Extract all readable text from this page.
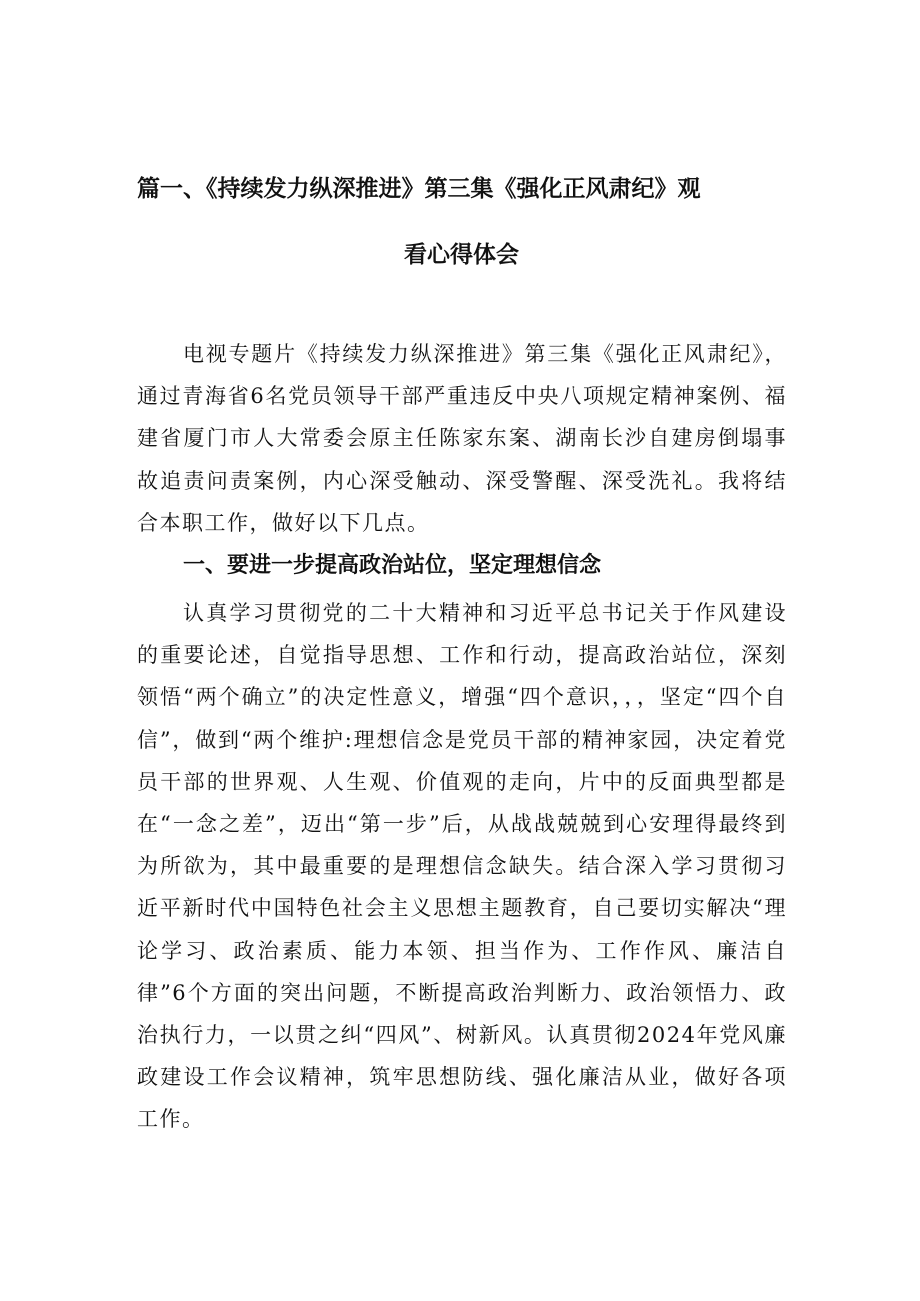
篇一、《持续发力纵深推进》第三集《强化正风肃纪》观
看心得体会
电视专题片《持续发力纵深推进》第三集《强化正风肃纪》，通过青海省6名党员领导干部严重违反中央八项规定精神案例、福建省厦门市人大常委会原主任陈家东案、湖南长沙自建房倒塌事故追责问责案例，内心深受触动、深受警醒、深受洗礼。我将结合本职工作，做好以下几点。
一、要进一步提高政治站位，坚定理想信念
认真学习贯彻党的二十大精神和习近平总书记关于作风建设的重要论述，自觉指导思想、工作和行动，提高政治站位，深刻领悟“两个确立”的决定性意义，增强“四个意识，，，坚定“四个自信”，做到“两个维护:理想信念是党员干部的精神家园，决定着党员干部的世界观、人生观、价值观的走向，片中的反面典型都是在“一念之差”，迈出“第一步”后，从战战兢兢到心安理得最终到为所欲为，其中最重要的是理想信念缺失。结合深入学习贯彻习近平新时代中国特色社会主义思想主题教育，自己要切实解决“理论学习、政治素质、能力本领、担当作为、工作作风、廉洁自律”6个方面的突出问题，不断提高政治判断力、政治领悟力、政治执行力，一以贯之纠“四风”、树新风。认真贯彻2024年党风廉政建设工作会议精神，筑牢思想防线、强化廉洁从业，做好各项工作。
